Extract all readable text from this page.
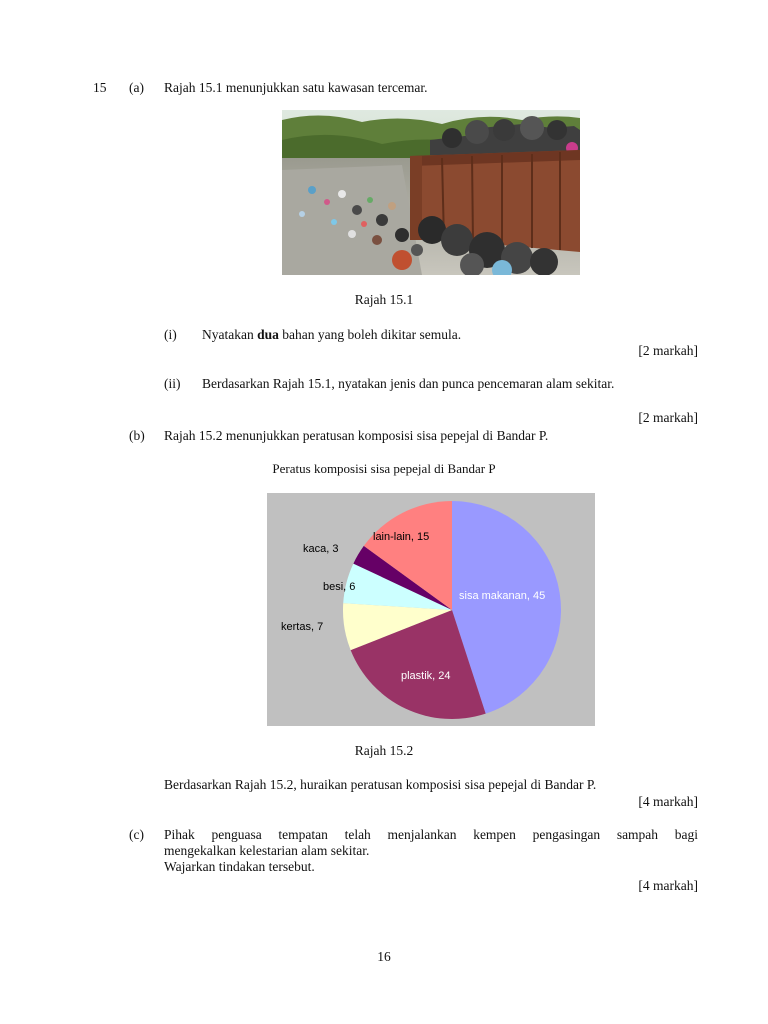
15 (a) Rajah 15.1 menunjukkan satu kawasan tercemar.
Rajah 15.1
(i) Nyatakan dua bahan yang boleh dikitar semula.
[2 markah]
(ii) Berdasarkan Rajah 15.1, nyatakan jenis dan punca pencemaran alam sekitar.
[2 markah]
(b) Rajah 15.2 menunjukkan peratusan komposisi sisa pepejal di Bandar P.
Peratus komposisi sisa pepejal di Bandar P
sisa makanan, 45
plastik, 24
kertas, 7
besi, 6
kaca, 3
lain-lain, 15
Rajah 15.2
Berdasarkan Rajah 15.2, huraikan peratusan komposisi sisa pepejal di Bandar P.
[4 markah]
(c) Pihak penguasa tempatan telah menjalankan kempen pengasingan sampah bagi
mengekalkan kelestarian alam sekitar.
Wajarkan tindakan tersebut.
[4 markah]
16
